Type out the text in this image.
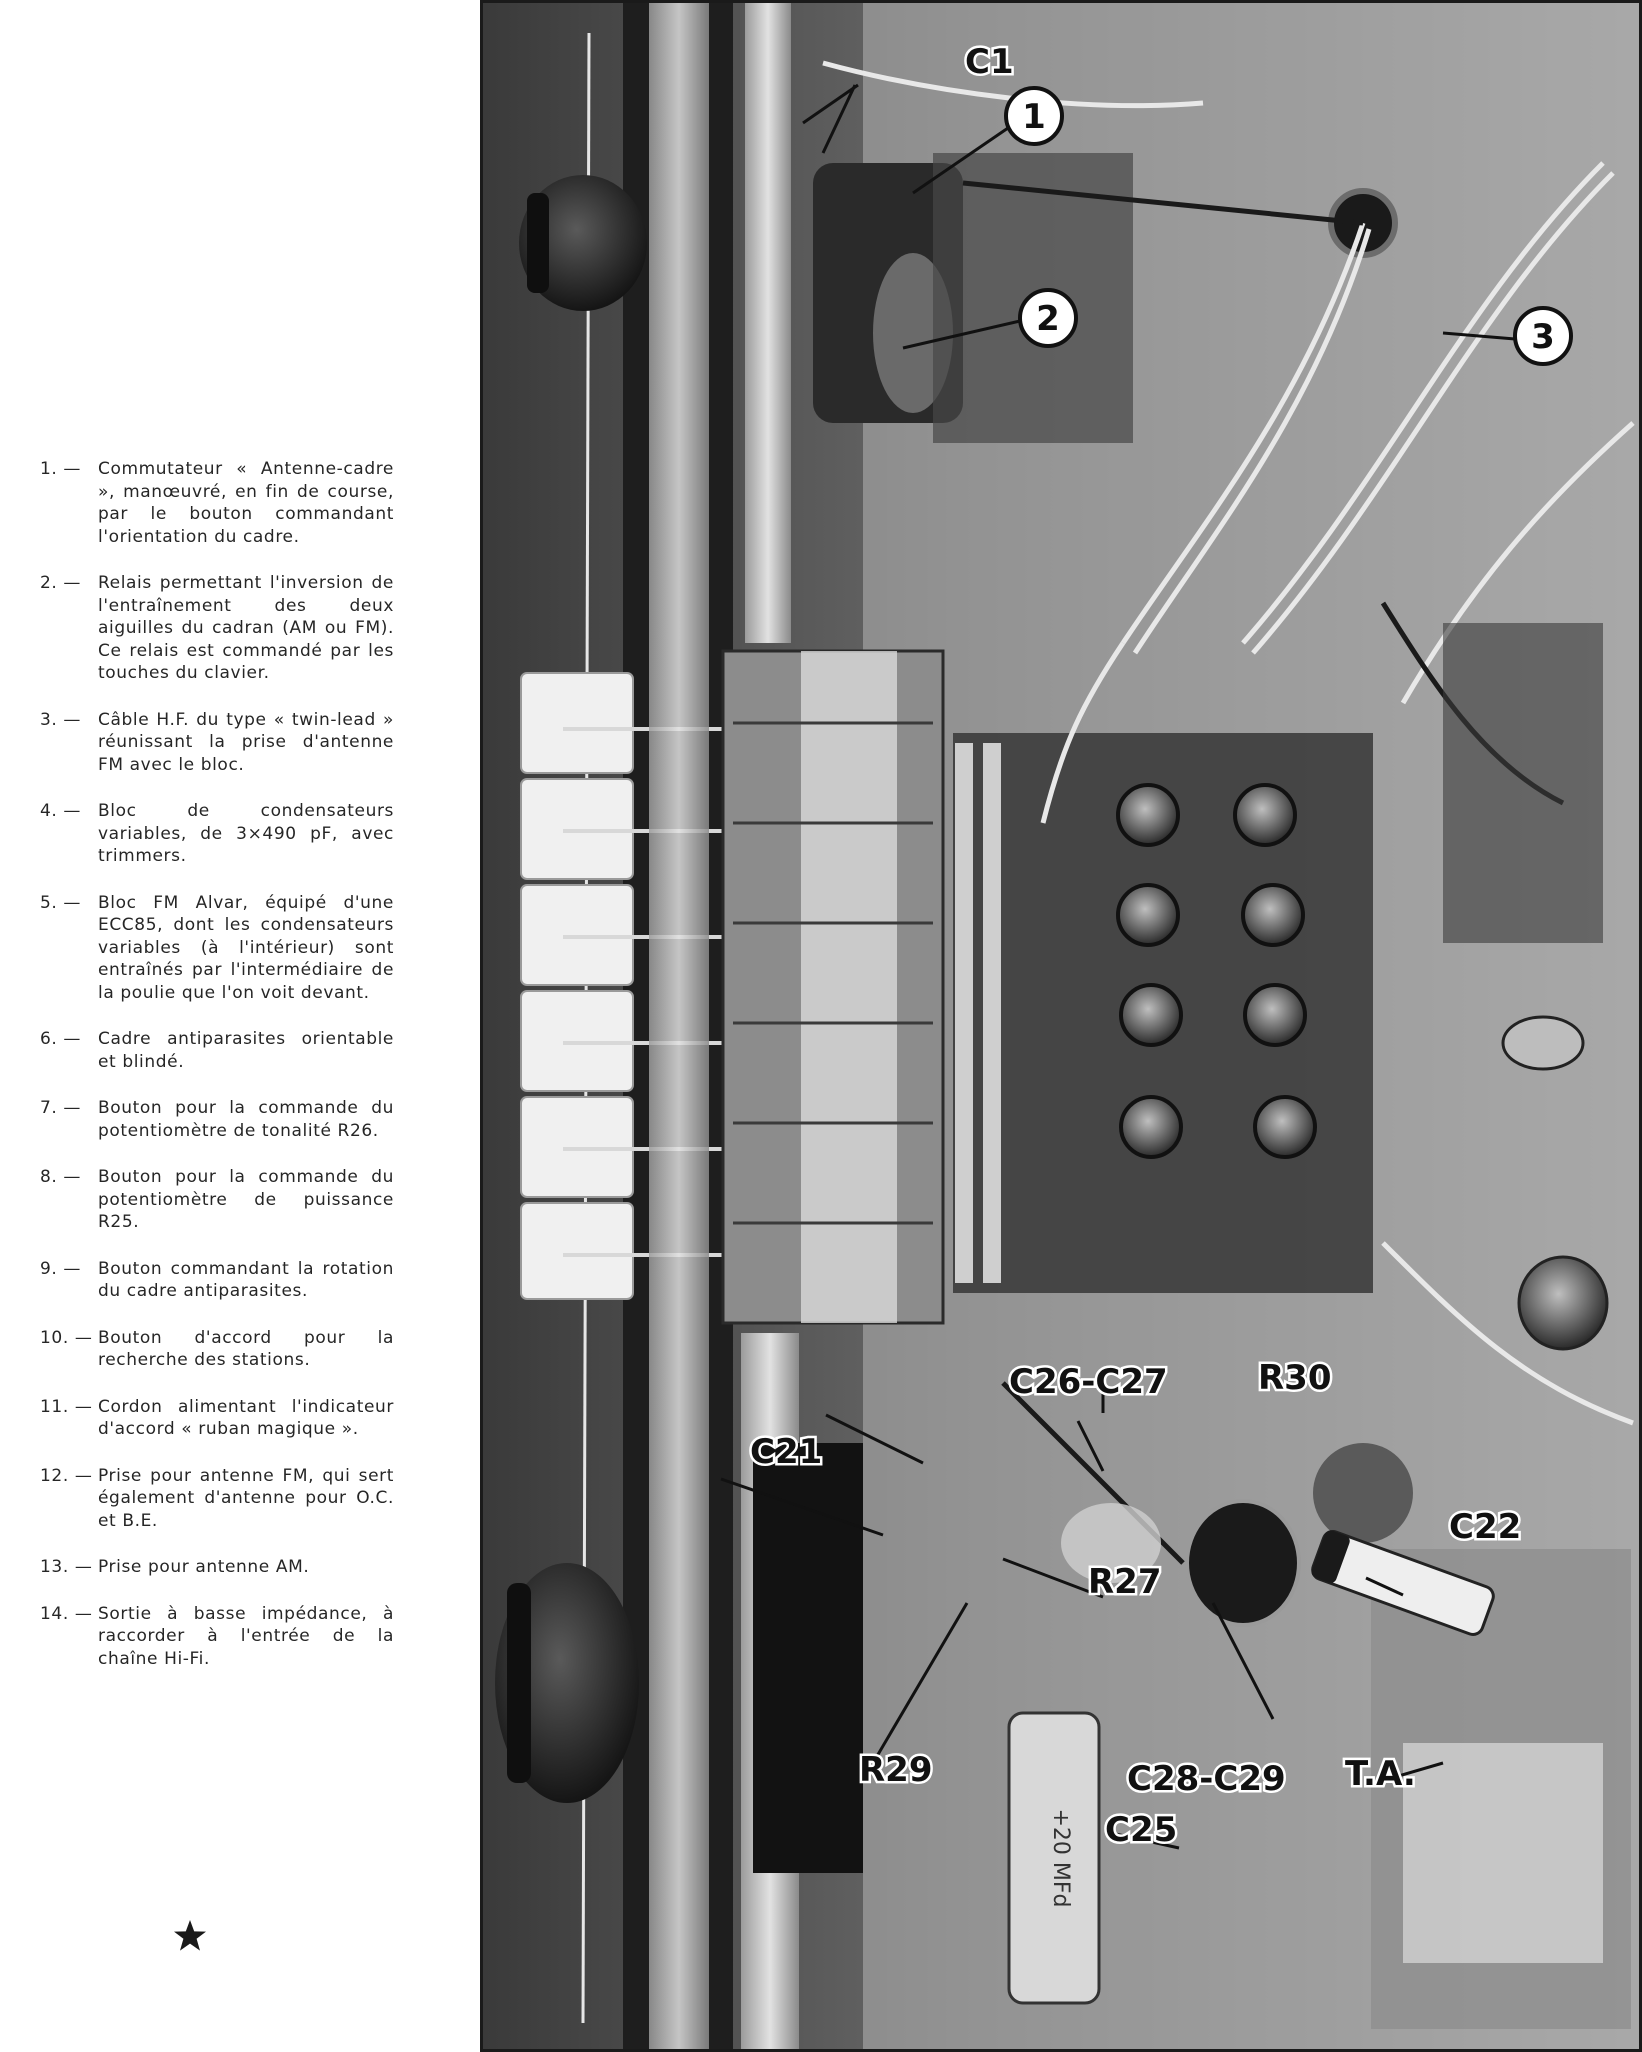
1. — Commutateur « Antenne-cadre », manœuvré, en fin de course, par le bouton commandant l'orientation du cadre.
2. — Relais permettant l'inversion de l'entraînement des deux aiguilles du cadran (AM ou FM). Ce relais est commandé par les touches du clavier.
3. — Câble H.F. du type « twin-lead » réunissant la prise d'antenne FM avec le bloc.
4. — Bloc de condensateurs variables, de 3×490 pF, avec trimmers.
5. — Bloc FM Alvar, équipé d'une ECC85, dont les condensateurs variables (à l'intérieur) sont entraînés par l'intermédiaire de la poulie que l'on voit devant.
6. — Cadre antiparasites orientable et blindé.
7. — Bouton pour la commande du potentiomètre de tonalité R26.
8. — Bouton pour la commande du potentiomètre de puissance R25.
9. — Bouton commandant la rotation du cadre antiparasites.
10. — Bouton d'accord pour la recherche des stations.
11. — Cordon alimentant l'indicateur d'accord « ruban magique ».
12. — Prise pour antenne FM, qui sert également d'antenne pour O.C. et B.E.
13. — Prise pour antenne AM.
14. — Sortie à basse impédance, à raccorder à l'entrée de la chaîne Hi-Fi.
+20 MFd
1
2	3
C1
C21
C22
C25
C26-C27
C28-C29
R27
R29
R30
T.A.
